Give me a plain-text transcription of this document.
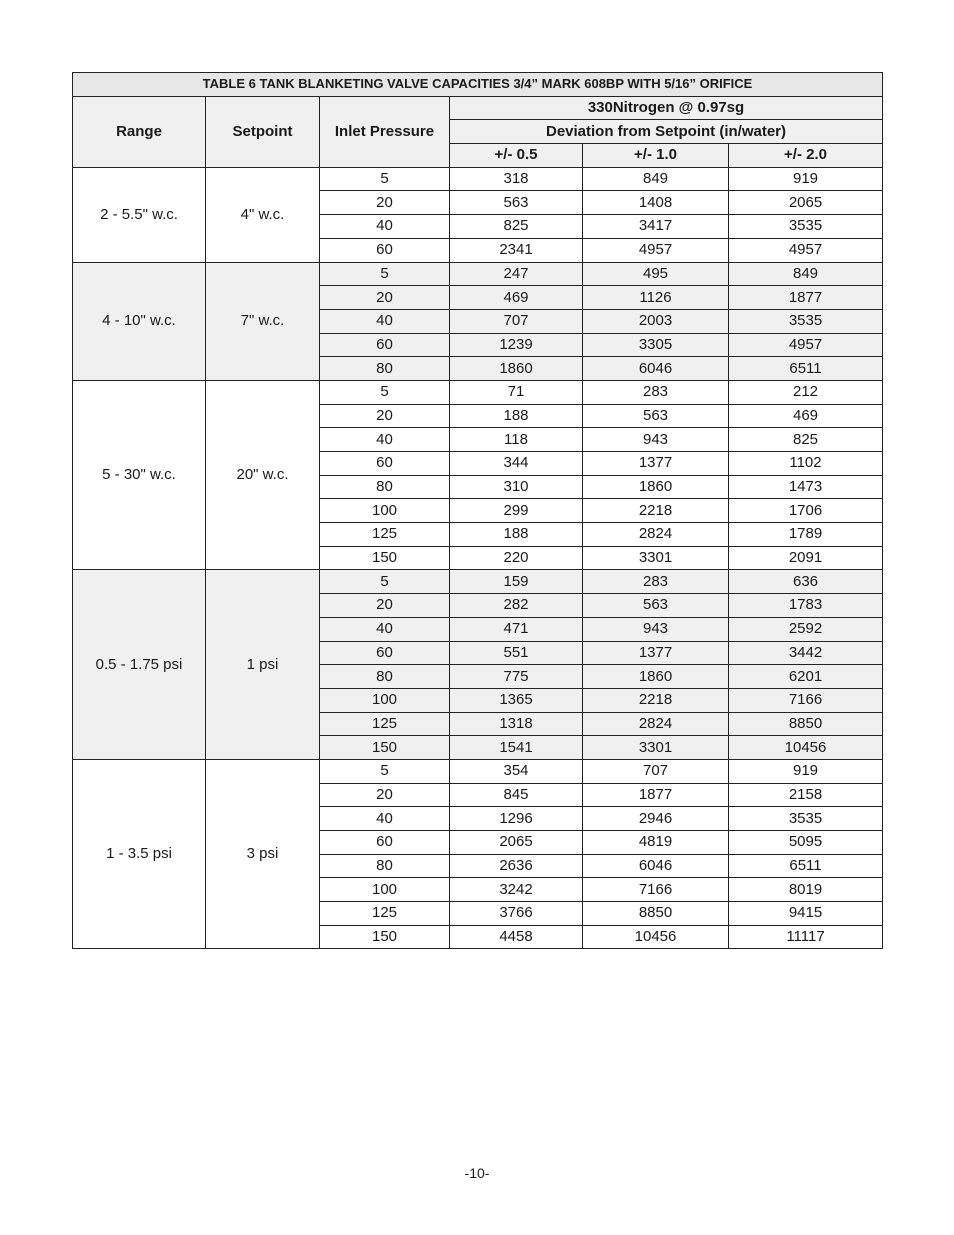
TABLE 6 TANK BLANKETING VALVE CAPACITIES 3/4” MARK 608BP WITH 5/16” ORIFICE					
Range	Setpoint	Inlet Pressure	330Nitrogen @ 0.97sg		
			Deviation from Setpoint (in/water)		
			+/- 0.5	+/- 1.0	+/- 2.0
2 - 5.5" w.c.	4" w.c.	5	318	849	919
		20	563	1408	2065
		40	825	3417	3535
		60	2341	4957	4957
4 - 10" w.c.	7" w.c.	5	247	495	849
		20	469	1126	1877
		40	707	2003	3535
		60	1239	3305	4957
		80	1860	6046	6511
5 - 30" w.c.	20" w.c.	5	71	283	212
		20	188	563	469
		40	118	943	825
		60	344	1377	1102
		80	310	1860	1473
		100	299	2218	1706
		125	188	2824	1789
		150	220	3301	2091
0.5 - 1.75 psi	1 psi	5	159	283	636
		20	282	563	1783
		40	471	943	2592
		60	551	1377	3442
		80	775	1860	6201
		100	1365	2218	7166
		125	1318	2824	8850
		150	1541	3301	10456
1 - 3.5 psi	3 psi	5	354	707	919
		20	845	1877	2158
		40	1296	2946	3535
		60	2065	4819	5095
		80	2636	6046	6511
		100	3242	7166	8019
		125	3766	8850	9415
		150	4458	10456	11117
-10-
